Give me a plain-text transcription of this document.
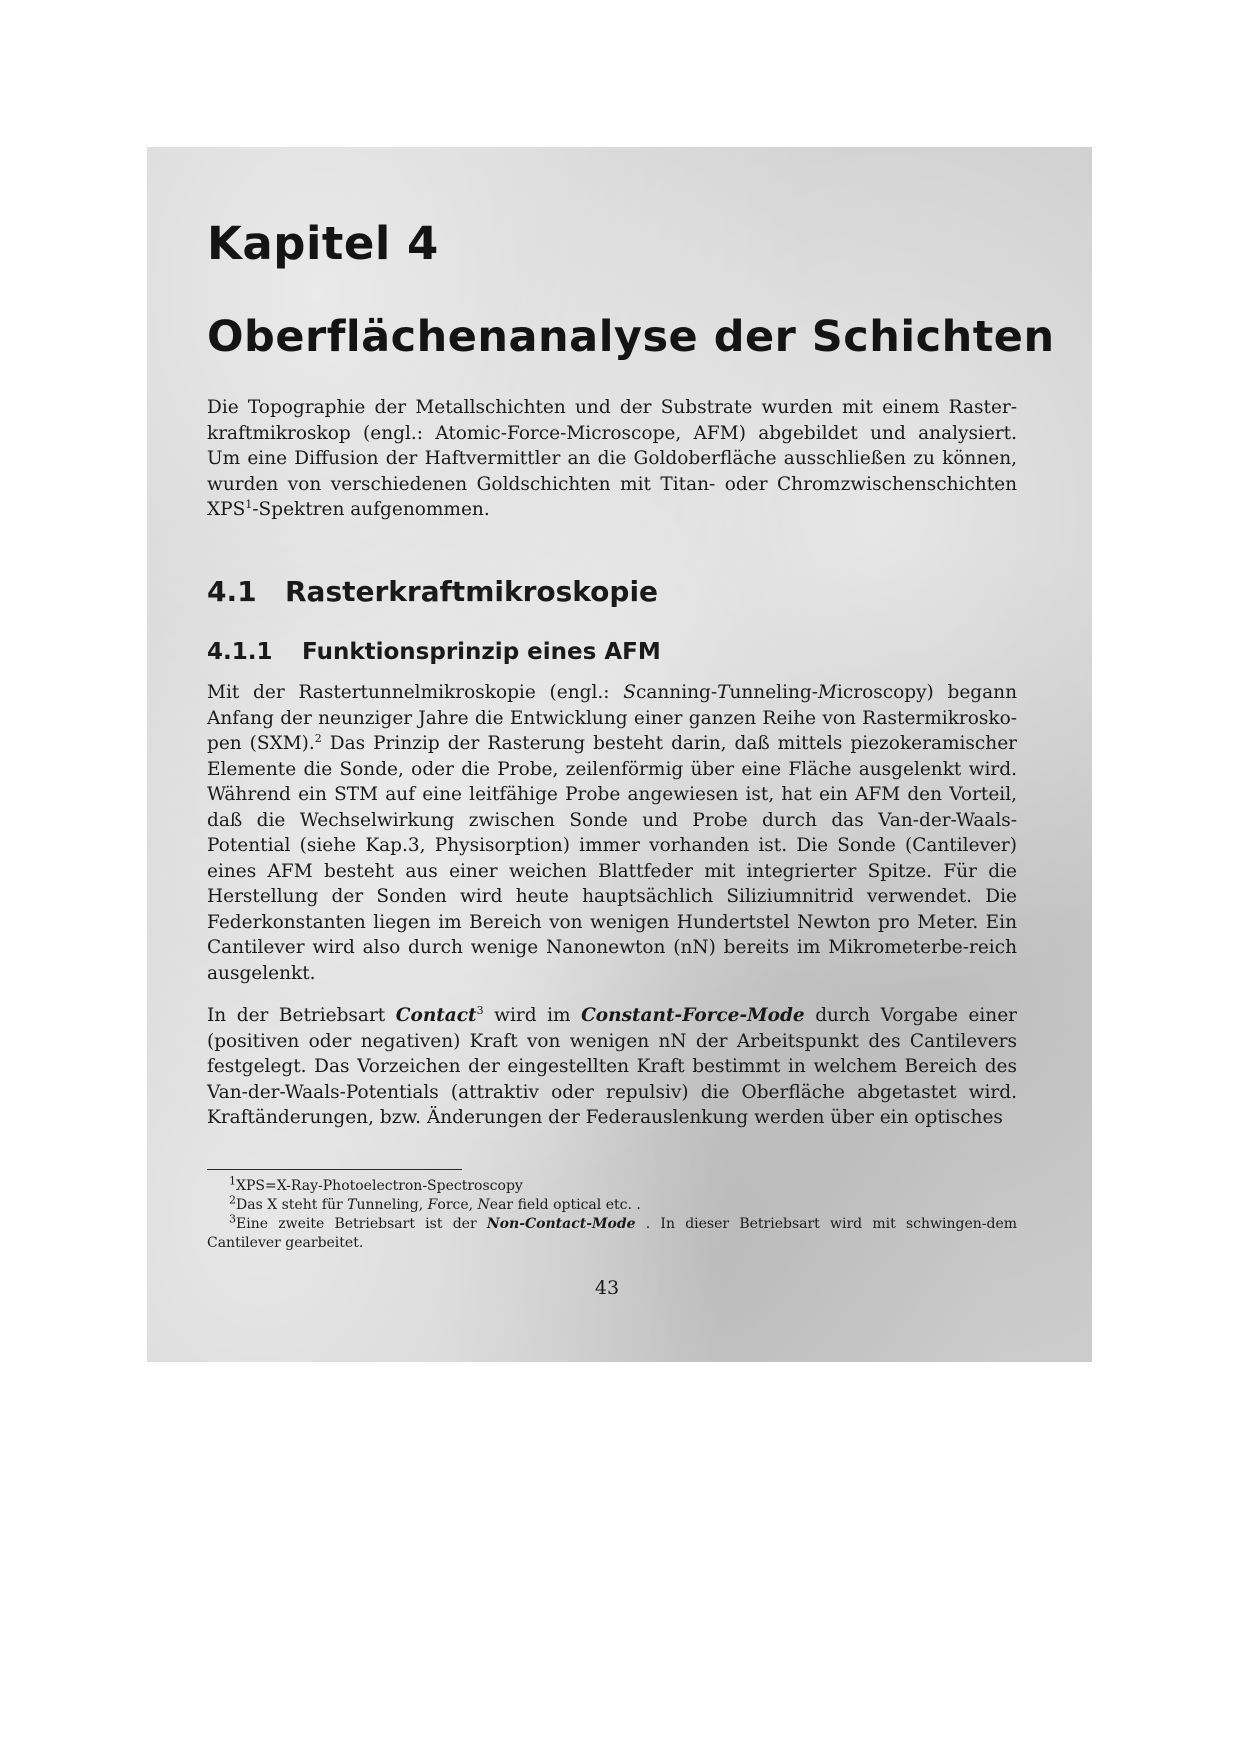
Kapitel 4
Oberflächenanalyse der Schichten

Die Topographie der Metallschichten und der Substrate wurden mit einem Raster-kraftmikroskop (engl.: Atomic-Force-Microscope, AFM) abgebildet und analysiert. Um eine Diffusion der Haftvermittler an die Goldoberfläche ausschließen zu können, wurden von verschiedenen Goldschichten mit Titan- oder Chromzwischenschichten XPS$^1$-Spektren aufgenommen.

4.1 Rasterkraftmikroskopie
4.1.1 Funktionsprinzip eines AFM

Mit der Rastertunnelmikroskopie (engl.: Scanning-Tunneling-Microscopy) begann Anfang der neunziger Jahre die Entwicklung einer ganzen Reihe von Rastermikrosko-pen (SXM).$^2$ Das Prinzip der Rasterung besteht darin, daß mittels piezokeramischer Elemente die Sonde, oder die Probe, zeilenförmig über eine Fläche ausgelenkt wird. Während ein STM auf eine leitfähige Probe angewiesen ist, hat ein AFM den Vorteil, daß die Wechselwirkung zwischen Sonde und Probe durch das Van-der-Waals-Potential (siehe Kap.3, Physisorption) immer vorhanden ist. Die Sonde (Cantilever) eines AFM besteht aus einer weichen Blattfeder mit integrierter Spitze. Für die Herstellung der Sonden wird heute hauptsächlich Siliziumnitrid verwendet. Die Federkonstanten liegen im Bereich von wenigen Hundertstel Newton pro Meter. Ein Cantilever wird also durch wenige Nanonewton (nN) bereits im Mikrometerbe-reich ausgelenkt.

In der Betriebsart Contact$^3$ wird im Constant-Force-Mode durch Vorgabe einer (positiven oder negativen) Kraft von wenigen nN der Arbeitspunkt des Cantilevers festgelegt. Das Vorzeichen der eingestellten Kraft bestimmt in welchem Bereich des Van-der-Waals-Potentials (attraktiv oder repulsiv) die Oberfläche abgetastet wird. Kraftänderungen, bzw. Änderungen der Federauslenkung werden über ein optisches

$^1$XPS=X-Ray-Photoelectron-Spectroscopy

$^2$Das X steht für Tunneling, Force, Near field optical etc. .

$^3$Eine zweite Betriebsart ist der Non-Contact-Mode . In dieser Betriebsart wird mit schwingen-dem Cantilever gearbeitet.

43
